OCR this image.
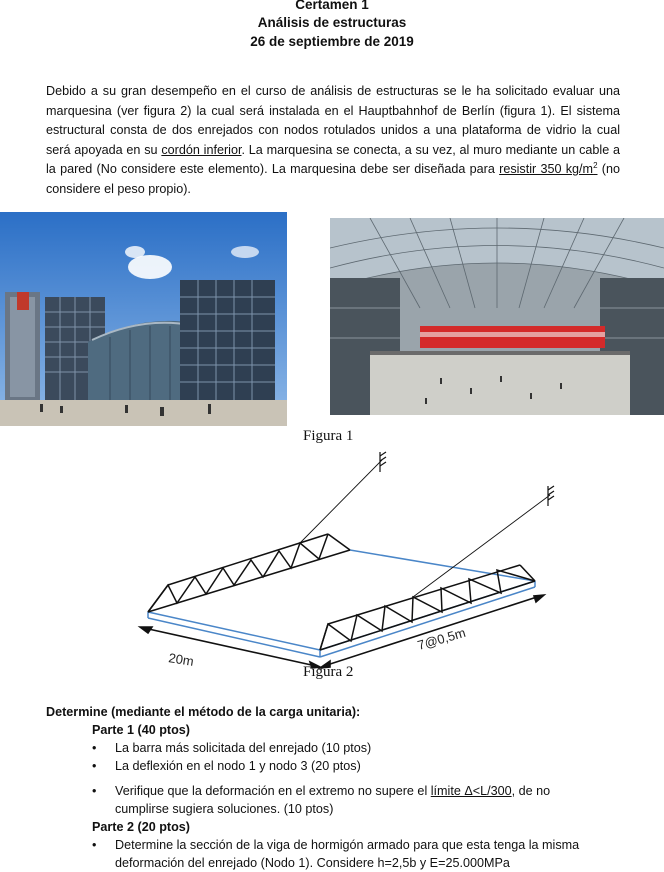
Certamen 1
Análisis de estructuras
26 de septiembre de 2019
Debido a su gran desempeño en el curso de análisis de estructuras se le ha solicitado evaluar una marquesina (ver figura 2) la cual será instalada en el Hauptbahnhof de Berlín (figura 1). El sistema estructural consta de dos enrejados con nodos rotulados unidos a una plataforma de vidrio la cual será apoyada en su cordón inferior. La marquesina se conecta, a su vez, al muro mediante un cable a la pared (No considere este elemento). La marquesina debe ser diseñada para resistir 350 $kg/m^2$ (no considere el peso propio).
Figura 1
20m
7@0,5m
Figura 2
Determine (mediante el método de la carga unitaria):
Parte 1 (40 ptos)
• La barra más solicitada del enrejado (10 ptos)
• La deflexión en el nodo 1 y nodo 3 (20 ptos)
• Verifique que la deformación en el extremo no supere el límite Δ<L/300, de no
cumplirse sugiera soluciones. (10 ptos)
Parte 2 (20 ptos)
• Determine la sección de la viga de hormigón armado para que esta tenga la misma
deformación del enrejado (Nodo 1). Considere h=2,5b y E=25.000MPa
